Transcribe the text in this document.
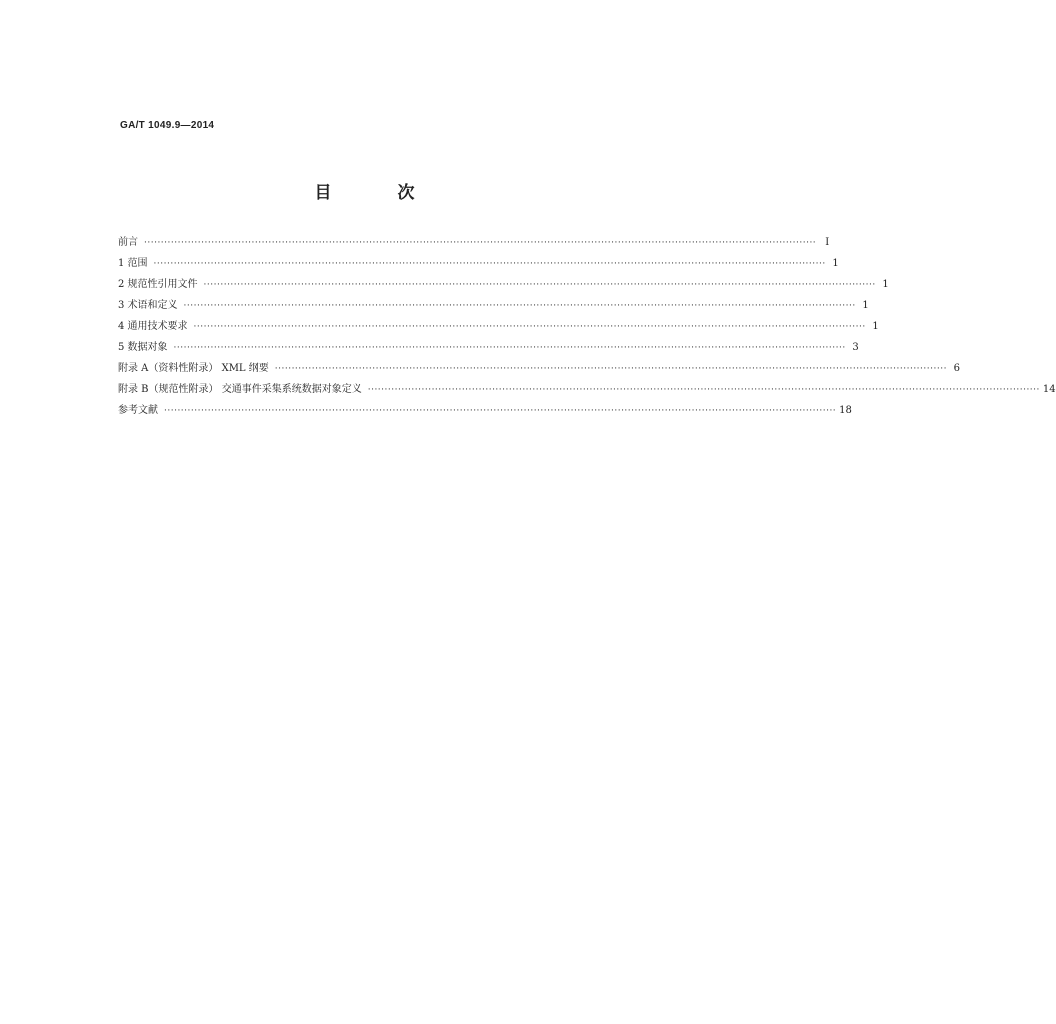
GA/T 1049.9—2014
目 次
前言 ········································································································································································································ Ⅰ
1 范围 ········································································································································································································ 1
2 规范性引用文件 ········································································································································································································ 1
3 术语和定义 ········································································································································································································ 1
4 通用技术要求 ········································································································································································································ 1
5 数据对象 ········································································································································································································ 3
附录 A（资料性附录） XML 纲要 ········································································································································································································ 6
附录 B（规范性附录） 交通事件采集系统数据对象定义 ········································································································································································································ 14
参考文献 ········································································································································································································ 18
